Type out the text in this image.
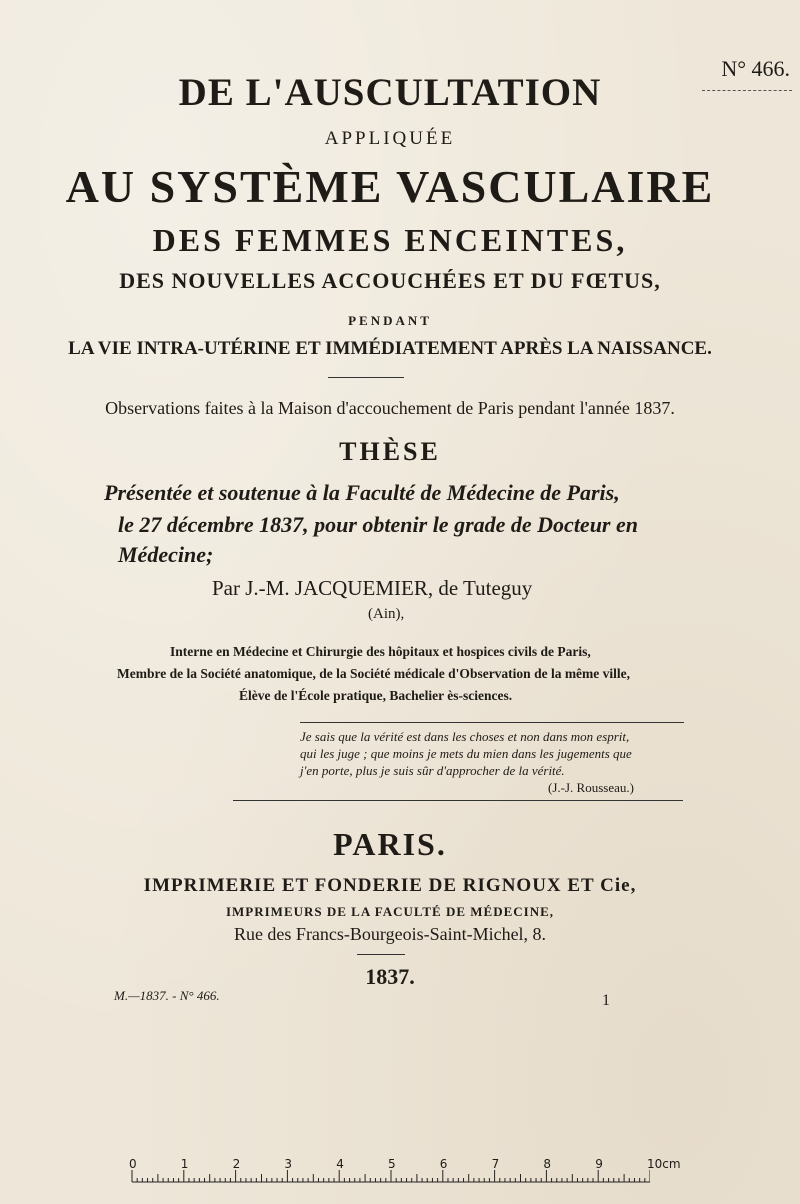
N° 466.
DE L'AUSCULTATION
APPLIQUÉE
AU SYSTÈME VASCULAIRE
DES FEMMES ENCEINTES,
DES NOUVELLES ACCOUCHÉES ET DU FŒTUS,
PENDANT
LA VIE INTRA-UTÉRINE ET IMMÉDIATEMENT APRÈS LA NAISSANCE.
Observations faites à la Maison d'accouchement de Paris pendant l'année 1837.
THÈSE
Présentée et soutenue à la Faculté de Médecine de Paris,
le 27 décembre 1837, pour obtenir le grade de Docteur en
Médecine;
Par J.-M. JACQUEMIER, de Tuteguy
(Ain),
Interne en Médecine et Chirurgie des hôpitaux et hospices civils de Paris,
Membre de la Société anatomique, de la Société médicale d'Observation de la même ville,
Élève de l'École pratique, Bachelier ès-sciences.
Je sais que la vérité est dans les choses et non dans mon esprit,
qui les juge ; que moins je mets du mien dans les jugements que
j'en porte, plus je suis sûr d'approcher de la vérité.
(J.-J. Rousseau.)
PARIS.
IMPRIMERIE ET FONDERIE DE RIGNOUX ET Cie,
IMPRIMEURS DE LA FACULTÉ DE MÉDECINE,
Rue des Francs-Bourgeois-Saint-Michel, 8.
1837.
M.—1837. - N° 466.	1
0	1	2	3	4	5	6	7	8	9	10cm
